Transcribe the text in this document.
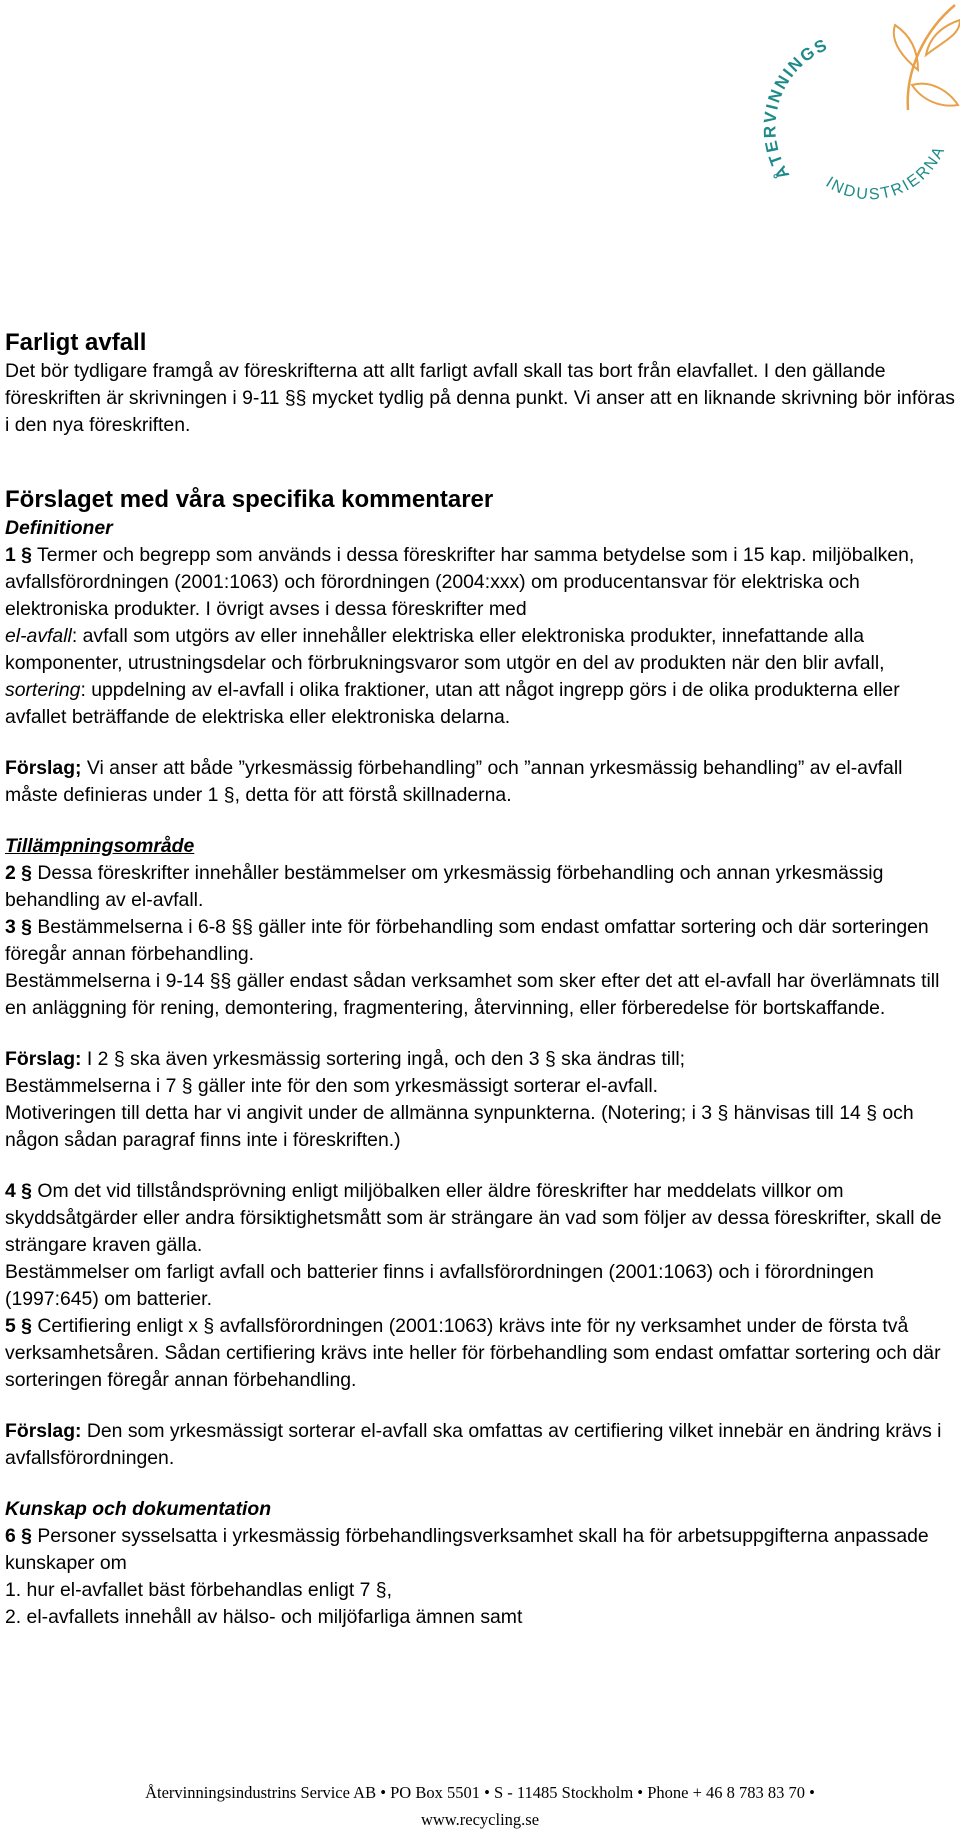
ÅTERVINNINGS
INDUSTRIERNA
Farligt avfall
Det bör tydligare framgå av föreskrifterna att allt farligt avfall skall tas bort från elavfallet. I den gällande föreskriften är skrivningen i 9-11 §§ mycket tydlig på denna punkt. Vi anser att en liknande skrivning bör införas i den nya föreskriften.
Förslaget med våra specifika kommentarer
Definitioner
1 § Termer och begrepp som används i dessa föreskrifter har samma betydelse som i 15 kap. miljöbalken, avfallsförordningen (2001:1063) och förordningen (2004:xxx) om producentansvar för elektriska och elektroniska produkter. I övrigt avses i dessa föreskrifter med
el-avfall: avfall som utgörs av eller innehåller elektriska eller elektroniska produkter, innefattande alla komponenter, utrustningsdelar och förbrukningsvaror som utgör en del av produkten när den blir avfall,
sortering: uppdelning av el-avfall i olika fraktioner, utan att något ingrepp görs i de olika produkterna eller avfallet beträffande de elektriska eller elektroniska delarna.
Förslag; Vi anser att både ”yrkesmässig förbehandling” och ”annan yrkesmässig behandling” av el-avfall måste definieras under 1 §, detta för att förstå skillnaderna.
Tillämpningsområde
2 § Dessa föreskrifter innehåller bestämmelser om yrkesmässig förbehandling och annan yrkesmässig behandling av el-avfall.
3 § Bestämmelserna i 6-8 §§ gäller inte för förbehandling som endast omfattar sortering och där sorteringen föregår annan förbehandling.
Bestämmelserna i 9-14 §§ gäller endast sådan verksamhet som sker efter det att el-avfall har överlämnats till en anläggning för rening, demontering, fragmentering, återvinning, eller förberedelse för bortskaffande.
Förslag: I 2 § ska även yrkesmässig sortering ingå, och den 3 § ska ändras till;
Bestämmelserna i 7 § gäller inte för den som yrkesmässigt sorterar el-avfall.
Motiveringen till detta har vi angivit under de allmänna synpunkterna. (Notering; i 3 § hänvisas till 14 § och någon sådan paragraf finns inte i föreskriften.)
4 § Om det vid tillståndsprövning enligt miljöbalken eller äldre föreskrifter har meddelats villkor om skyddsåtgärder eller andra försiktighetsmått som är strängare än vad som följer av dessa föreskrifter, skall de strängare kraven gälla.
Bestämmelser om farligt avfall och batterier finns i avfallsförordningen (2001:1063) och i förordningen (1997:645) om batterier.
5 § Certifiering enligt x § avfallsförordningen (2001:1063) krävs inte för ny verksamhet under de första två verksamhetsåren. Sådan certifiering krävs inte heller för förbehandling som endast omfattar sortering och där sorteringen föregår annan förbehandling.
Förslag: Den som yrkesmässigt sorterar el-avfall ska omfattas av certifiering vilket innebär en ändring krävs i avfallsförordningen.
Kunskap och dokumentation
6 § Personer sysselsatta i yrkesmässig förbehandlingsverksamhet skall ha för arbetsuppgifterna anpassade kunskaper om
1. hur el-avfallet bäst förbehandlas enligt 7 §,
2. el-avfallets innehåll av hälso- och miljöfarliga ämnen samt
Återvinningsindustrins Service AB • PO Box 5501 • S - 11485 Stockholm • Phone + 46 8 783 83 70 •
www.recycling.se
